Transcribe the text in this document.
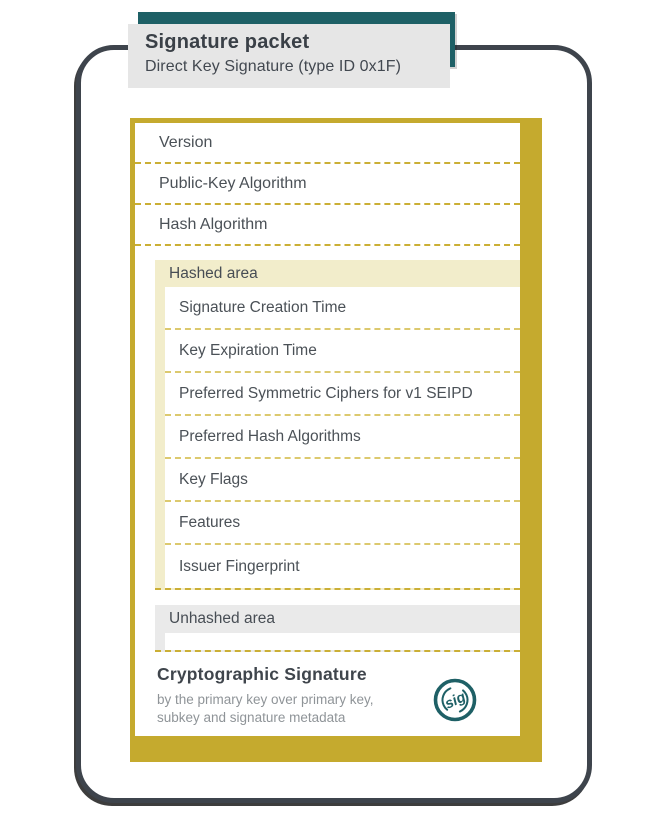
Signature packet
Direct Key Signature (type ID 0x1F)
Version
Public-Key Algorithm
Hash Algorithm
Hashed area
Signature Creation Time
Key Expiration Time
Preferred Symmetric Ciphers for v1 SEIPD
Preferred Hash Algorithms
Key Flags
Features
Issuer Fingerprint
Unhashed area
Cryptographic Signature
by the primary key over primary key,
subkey and signature metadata
sig
